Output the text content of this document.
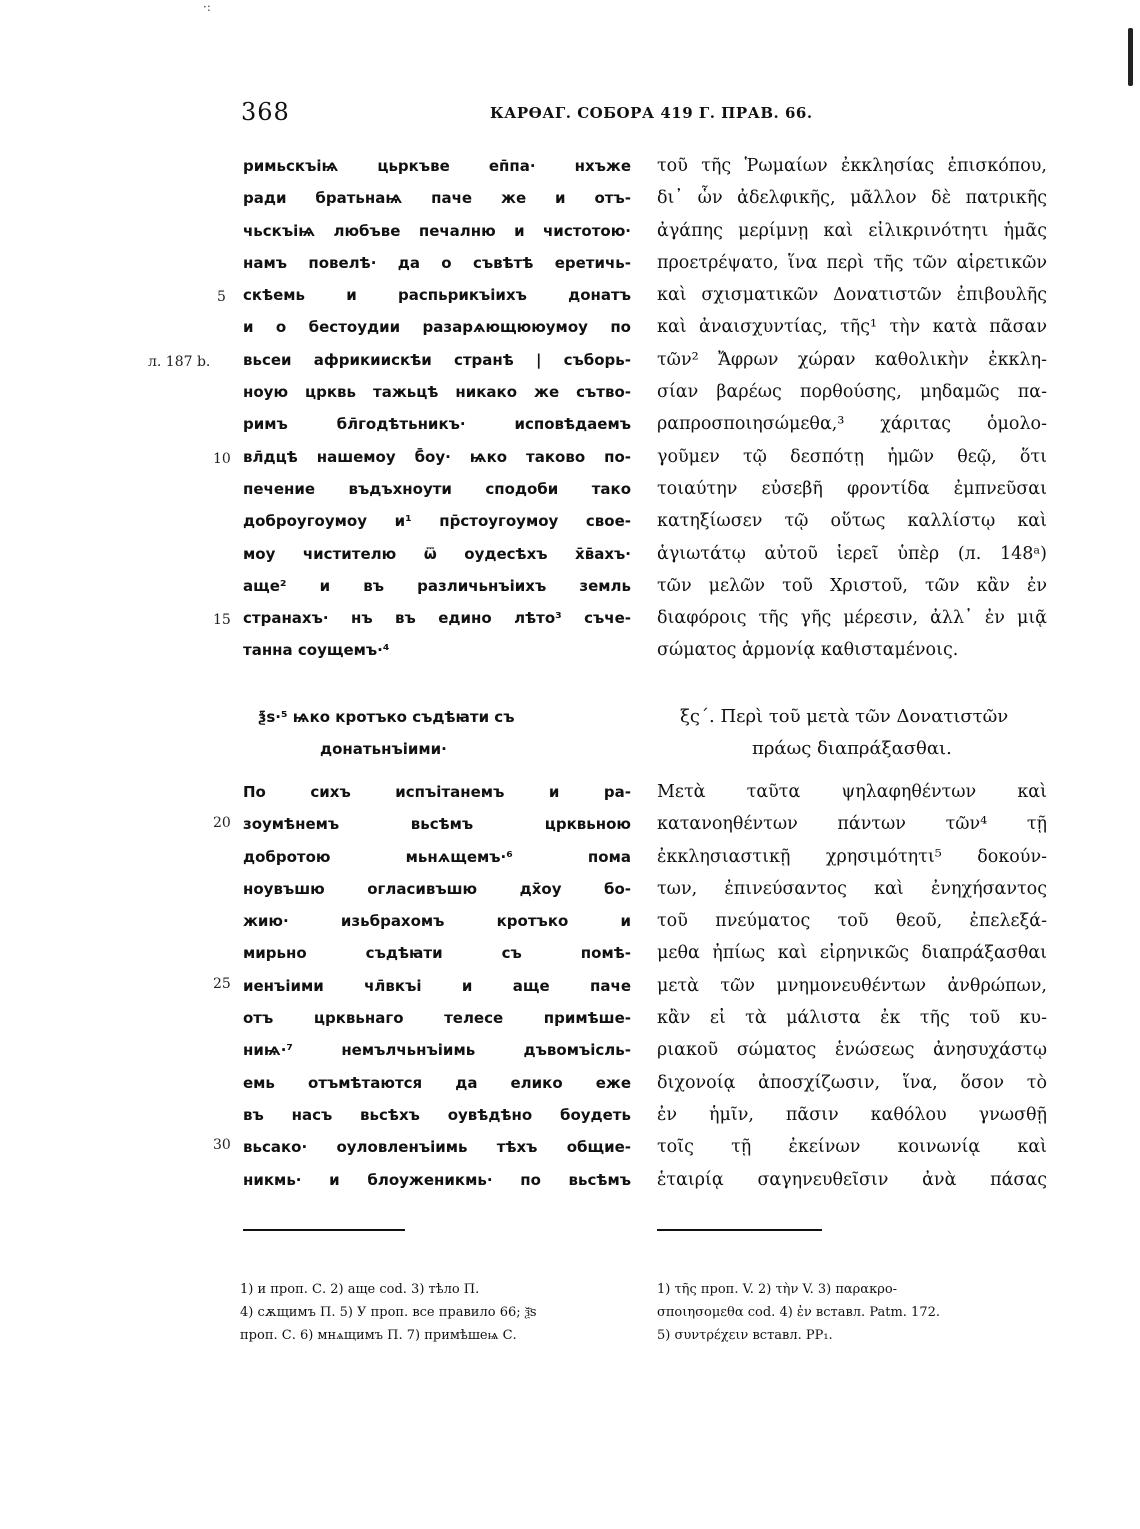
·:
368	КАРѲАГ. СОБОРА 419 Г. ПРАВ. 66.
римьскъіѩ цьркъве еп̄па· нхъже
ради братьнаѩ паче же и отъ-
чьскъіѩ любъве печалню и чистотою·
намъ повелѣ· да о съвѣтѣ еретичь-
скѣемь и распьрикъіихъ донатъ
и о бестоудии разарѧющююумоу по
вьсеи африкиискѣи странѣ | съборь-
ноую црквь тажьцѣ никако же сътво-
римъ бл̄годѣтьникъ· исповѣдаемъ
вл̄дцѣ нашемоу б̄оу· ѩко таково по-
печение въдъхноути сподоби тако
доброугоумоу и¹ пр̄стоугоумоу свое-
моу чистителю ѿ оудесѣхъ х̄в̄ахъ·
аще² и въ различьнъіихъ земль
странахъ· нъ въ едино лѣто³ съче-
танна соущемъ·⁴
ѯ̄ѕ·⁵ ѩко кротъко съдѣꙗти съ
донатьнъіими·
По сихъ испъітанемъ и ра-
зоумѣнемъ вьсѣмъ црквьною
добротою мьнѧщемъ·⁶ пома
ноувъшю огласивъшю дх̄оу бо-
жию· изьбрахомъ кротъко и
мирьно съдѣꙗти съ помѣ-
иенъіими чл̄вкъі и аще паче
отъ црквьнаго телесе примѣше-
ниѩ·⁷ немълчьнъіимь дъвомъісль-
емь отъмѣтаются да елико еже
въ насъ вьсѣхъ оувѣдѣно боудеть
вьсако· оуловленъіимь тѣхъ общие-
никмь· и блоуженикмь· по вьсѣмъ
5
10
15
20
25
30
л. 187 b.
τοῦ τῆς Ῥωμαίων ἐκκλησίας ἐπισκόπου,
δι᾽ ὧν ἀδελφικῆς, μᾶλλον δὲ πατρικῆς
ἀγάπης μερίμνῃ καὶ εἰλικρινότητι ἡμᾶς
προετρέψατο, ἵνα περὶ τῆς τῶν αἱρετικῶν
καὶ σχισματικῶν Δονατιστῶν ἐπιβουλῆς
καὶ ἀναισχυντίας, τῆς¹ τὴν κατὰ πᾶσαν
τῶν² Ἄφρων χώραν καθολικὴν ἐκκλη-
σίαν βαρέως πορθούσης, μηδαμῶς πα-
ραπροσποιησώμεθα,³ χάριτας ὁμολο-
γοῦμεν τῷ δεσπότῃ ἡμῶν θεῷ, ὅτι
τοιαύτην εὐσεβῆ φροντίδα ἐμπνεῦσαι
κατηξίωσεν τῷ οὕτως καλλίστῳ καὶ
ἁγιωτάτῳ αὐτοῦ ἱερεῖ ὑπὲρ (л. 148ᵃ)
τῶν μελῶν τοῦ Χριστοῦ, τῶν κἂν ἐν
διαφόροις τῆς γῆς μέρεσιν, ἀλλ᾽ ἐν μιᾷ
σώματος ἁρμονίᾳ καθισταμένοις.
ξς´. Περὶ τοῦ μετὰ τῶν Δονατιστῶν
πράως διαπράξασθαι.
Μετὰ ταῦτα ψηλαφηθέντων καὶ
κατανοηθέντων πάντων τῶν⁴ τῇ
ἐκκλησιαστικῇ χρησιμότητι⁵ δοκούν-
των, ἐπινεύσαντος καὶ ἐνηχήσαντος
τοῦ πνεύματος τοῦ θεοῦ, ἐπελεξά-
μεθα ἠπίως καὶ εἰρηνικῶς διαπράξασθαι
μετὰ τῶν μνημονευθέντων ἀνθρώπων,
κἂν εἰ τὰ μάλιστα ἐκ τῆς τοῦ κυ-
ριακοῦ σώματος ἑνώσεως ἀνησυχάστῳ
διχονοίᾳ ἀποσχίζωσιν, ἵνα, ὅσον τὸ
ἐν ἡμῖν, πᾶσιν καθόλου γνωσθῇ
τοῖς τῇ ἐκείνων κοινωνίᾳ καὶ
ἑταιρίᾳ σαγηνευθεῖσιν ἀνὰ πάσας
1) и проп. С. 2) аще cod. 3) тѣло П.
4) сѫщимъ П. 5) У проп. все правило 66; ѯ̄ѕ
проп. С. 6) мнѧщимъ П. 7) примѣшеѩ С.
1) τῆς проп. V. 2) τὴν V. 3) παρακρο-
σποιησομεθα cod. 4) ἐν вставл. Patm. 172.
5) συντρέχειν вставл. PP₁.
